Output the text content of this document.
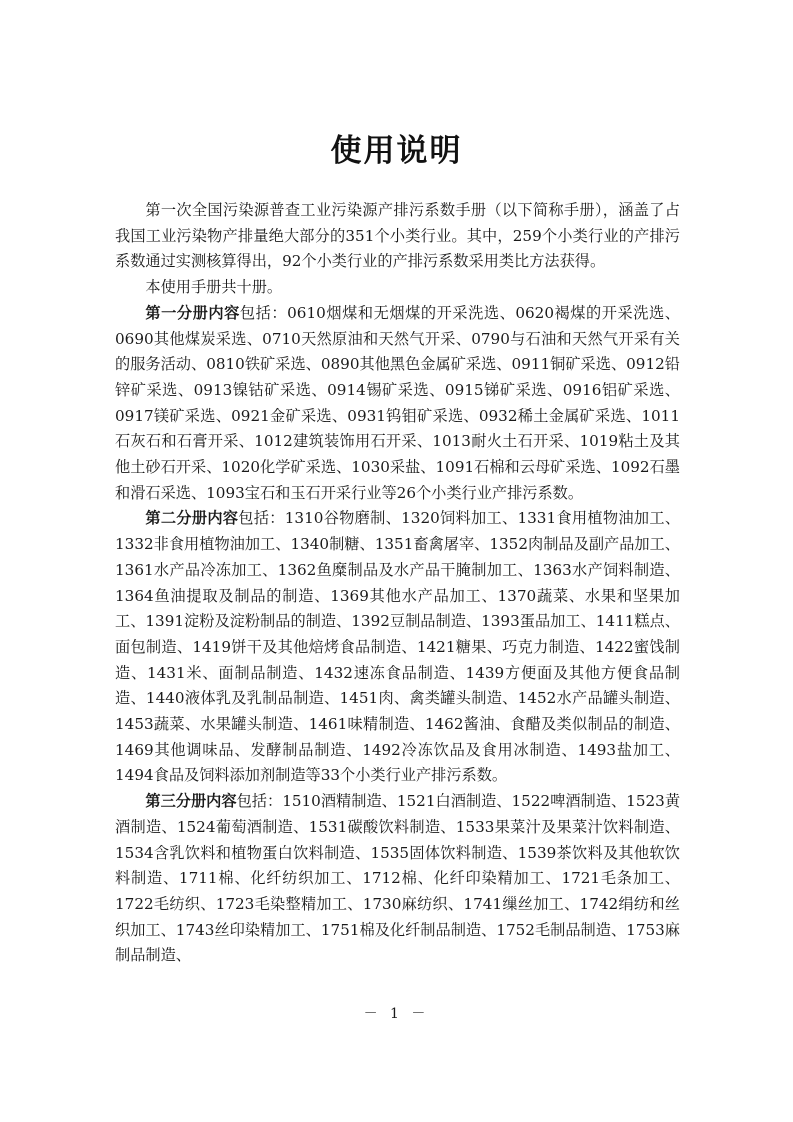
使用说明

第一次全国污染源普查工业污染源产排污系数手册（以下简称手册），涵盖了占我国工业污染物产排量绝大部分的351个小类行业。其中，259个小类行业的产排污系数通过实测核算得出，92个小类行业的产排污系数采用类比方法获得。

本使用手册共十册。

第一分册内容包括：0610烟煤和无烟煤的开采洗选、0620褐煤的开采洗选、0690其他煤炭采选、0710天然原油和天然气开采、0790与石油和天然气开采有关的服务活动、0810铁矿采选、0890其他黑色金属矿采选、0911铜矿采选、0912铅锌矿采选、0913镍钴矿采选、0914锡矿采选、0915锑矿采选、0916铝矿采选、0917镁矿采选、0921金矿采选、0931钨钼矿采选、0932稀土金属矿采选、1011石灰石和石膏开采、1012建筑装饰用石开采、1013耐火土石开采、1019粘土及其他土砂石开采、1020化学矿采选、1030采盐、1091石棉和云母矿采选、1092石墨和滑石采选、1093宝石和玉石开采行业等26个小类行业产排污系数。

第二分册内容包括：1310谷物磨制、1320饲料加工、1331食用植物油加工、1332非食用植物油加工、1340制糖、1351畜禽屠宰、1352肉制品及副产品加工、1361水产品冷冻加工、1362鱼糜制品及水产品干腌制加工、1363水产饲料制造、1364鱼油提取及制品的制造、1369其他水产品加工、1370蔬菜、水果和坚果加工、1391淀粉及淀粉制品的制造、1392豆制品制造、1393蛋品加工、1411糕点、面包制造、1419饼干及其他焙烤食品制造、1421糖果、巧克力制造、1422蜜饯制造、1431米、面制品制造、1432速冻食品制造、1439方便面及其他方便食品制造、1440液体乳及乳制品制造、1451肉、禽类罐头制造、1452水产品罐头制造、1453蔬菜、水果罐头制造、1461味精制造、1462酱油、食醋及类似制品的制造、1469其他调味品、发酵制品制造、1492冷冻饮品及食用冰制造、1493盐加工、1494食品及饲料添加剂制造等33个小类行业产排污系数。

第三分册内容包括：1510酒精制造、1521白酒制造、1522啤酒制造、1523黄酒制造、1524葡萄酒制造、1531碳酸饮料制造、1533果菜汁及果菜汁饮料制造、1534含乳饮料和植物蛋白饮料制造、1535固体饮料制造、1539茶饮料及其他软饮料制造、1711棉、化纤纺织加工、1712棉、化纤印染精加工、1721毛条加工、1722毛纺织、1723毛染整精加工、1730麻纺织、1741缫丝加工、1742绢纺和丝织加工、1743丝印染精加工、1751棉及化纤制品制造、1752毛制品制造、1753麻制品制造、

－ 1 －
